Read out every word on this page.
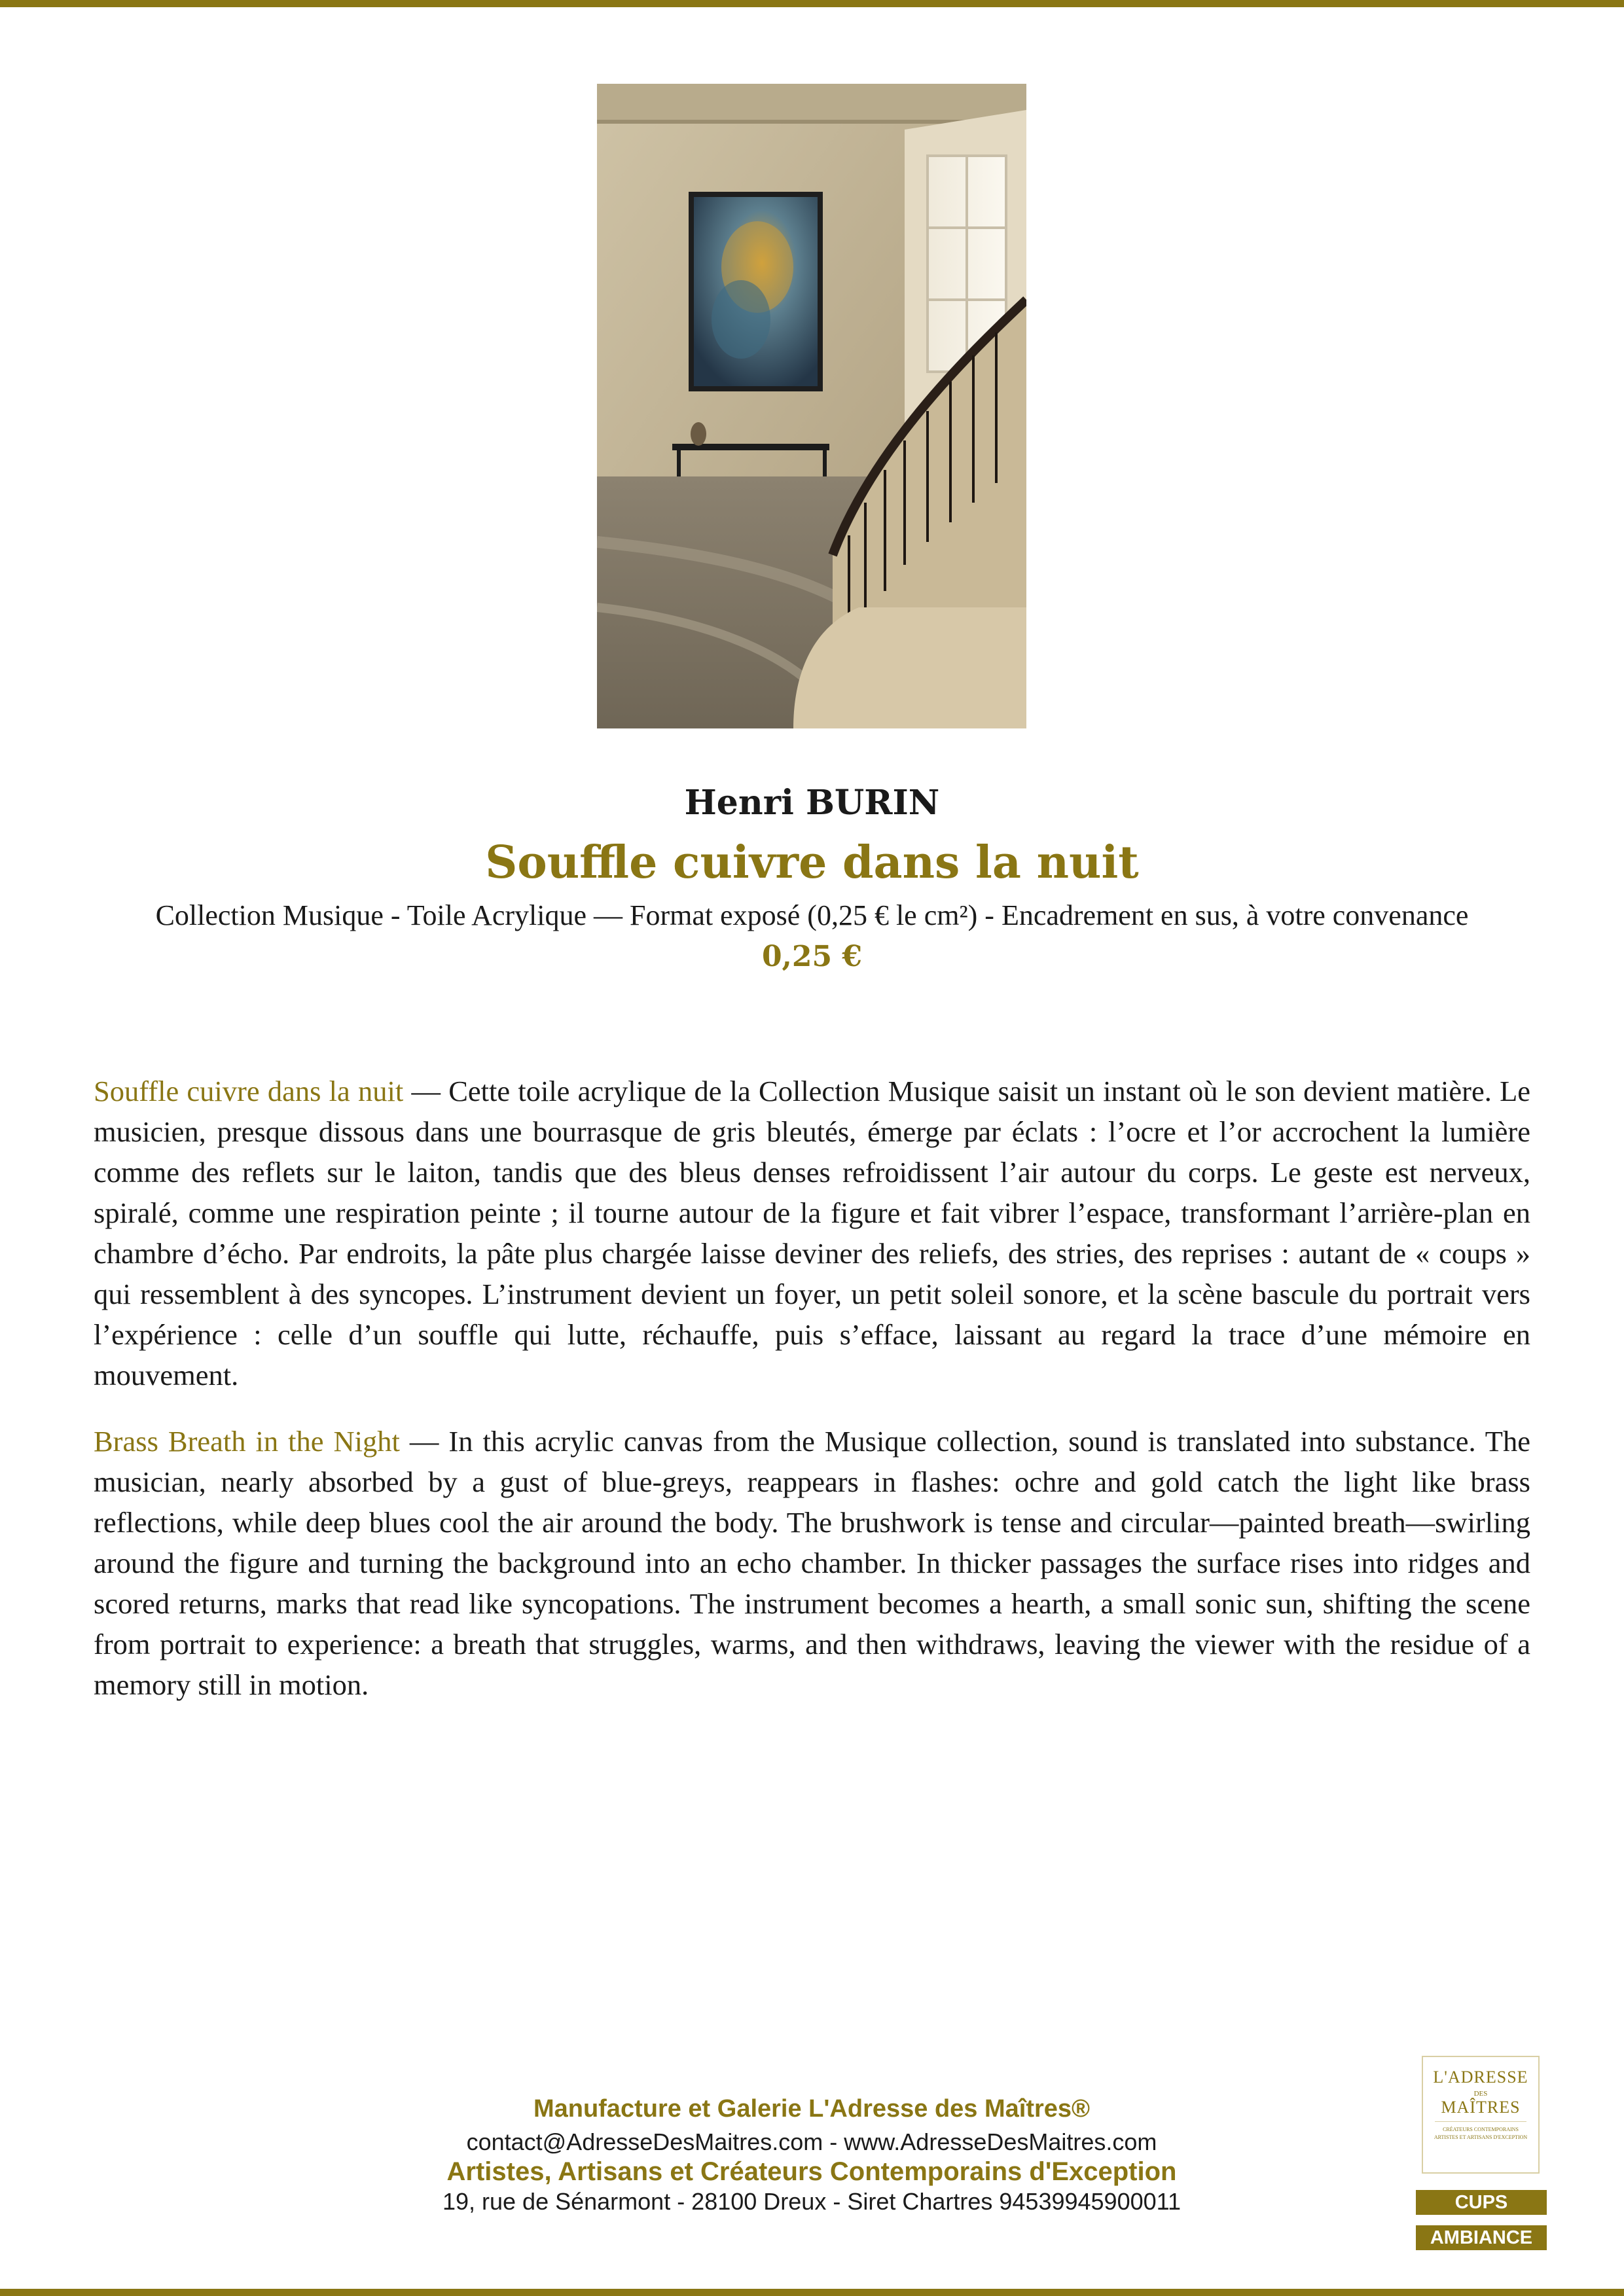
Henri BURIN
Souffle cuivre dans la nuit
Collection Musique - Toile Acrylique — Format exposé (0,25 € le cm²) - Encadrement en sus, à votre convenance
0,25 €
Souffle cuivre dans la nuit — Cette toile acrylique de la Collection Musique saisit un instant où le son devient matière. Le musicien, presque dissous dans une bourrasque de gris bleutés, émerge par éclats : l’ocre et l’or accrochent la lumière comme des reflets sur le laiton, tandis que des bleus denses refroidissent l’air autour du corps. Le geste est nerveux, spiralé, comme une respiration peinte ; il tourne autour de la figure et fait vibrer l’espace, transformant l’arrière-plan en chambre d’écho. Par endroits, la pâte plus chargée laisse deviner des reliefs, des stries, des reprises : autant de « coups » qui ressemblent à des syncopes. L’instrument devient un foyer, un petit soleil sonore, et la scène bascule du portrait vers l’expérience : celle d’un souffle qui lutte, réchauffe, puis s’efface, laissant au regard la trace d’une mémoire en mouvement.
Brass Breath in the Night — In this acrylic canvas from the Musique collection, sound is translated into substance. The musician, nearly absorbed by a gust of blue-greys, reappears in flashes: ochre and gold catch the light like brass reflections, while deep blues cool the air around the body. The brushwork is tense and circular—painted breath—swirling around the figure and turning the background into an echo chamber. In thicker passages the surface rises into ridges and scored returns, marks that read like syncopations. The instrument becomes a hearth, a small sonic sun, shifting the scene from portrait to experience: a breath that struggles, warms, and then withdraws, leaving the viewer with the residue of a memory still in motion.
Manufacture et Galerie L'Adresse des Maîtres®
contact@AdresseDesMaitres.com - www.AdresseDesMaitres.com
Artistes, Artisans et Créateurs Contemporains d'Exception
19, rue de Sénarmont - 28100 Dreux - Siret Chartres 94539945900011
L'ADRESSE
DES
MAÎTRES
CRÉATEURS CONTEMPORAINS ARTISTES ET ARTISANS D'EXCEPTION
CUPS
AMBIANCE
